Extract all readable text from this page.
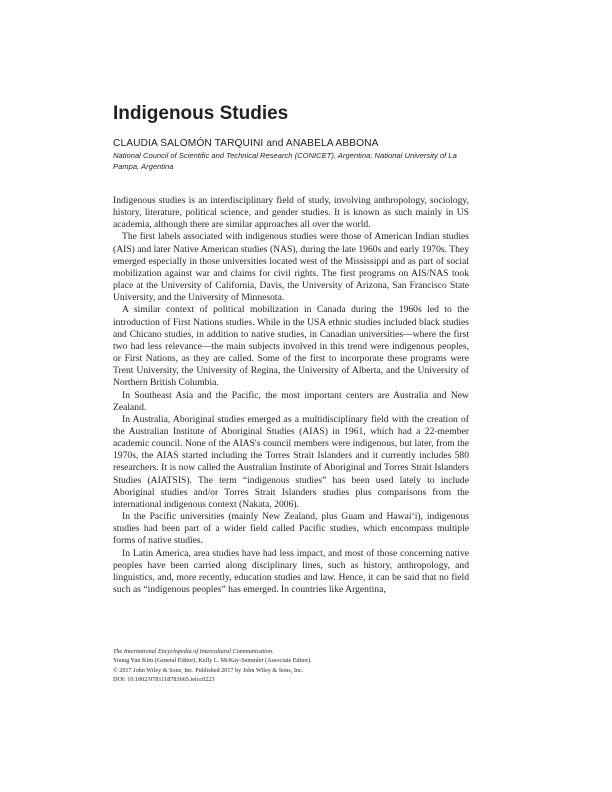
Indigenous Studies

CLAUDIA SALOMÓN TARQUINI and ANABELA ABBONA

National Council of Scientific and Technical Research (CONICET), Argentina; National University of La Pampa, Argentina

Indigenous studies is an interdisciplinary field of study, involving anthropology, sociology, history, literature, political science, and gender studies. It is known as such mainly in US academia, although there are similar approaches all over the world.

The first labels associated with indigenous studies were those of American Indian studies (AIS) and later Native American studies (NAS), during the late 1960s and early 1970s. They emerged especially in those universities located west of the Mississippi and as part of social mobilization against war and claims for civil rights. The first programs on AIS/NAS took place at the University of California, Davis, the University of Arizona, San Francisco State University, and the University of Minnesota.

A similar context of political mobilization in Canada during the 1960s led to the introduction of First Nations studies. While in the USA ethnic studies included black studies and Chicano studies, in addition to native studies, in Canadian universities—where the first two had less relevance—the main subjects involved in this trend were indigenous peoples, or First Nations, as they are called. Some of the first to incorporate these programs were Trent University, the University of Regina, the University of Alberta, and the University of Northern British Columbia.

In Southeast Asia and the Pacific, the most important centers are Australia and New Zealand.

In Australia, Aboriginal studies emerged as a multidisciplinary field with the creation of the Australian Institute of Aboriginal Studies (AIAS) in 1961, which had a 22-member academic council. None of the AIAS's council members were indigenous, but later, from the 1970s, the AIAS started including the Torres Strait Islanders and it currently includes 580 researchers. It is now called the Australian Institute of Aboriginal and Torres Strait Islanders Studies (AIATSIS). The term “indigenous studies” has been used lately to include Aboriginal studies and/or Torres Strait Islanders studies plus comparisons from the international indigenous context (Nakata, 2006).

In the Pacific universities (mainly New Zealand, plus Guam and Hawai‘i), indigenous studies had been part of a wider field called Pacific studies, which encompass multiple forms of native studies.

In Latin America, area studies have had less impact, and most of those concerning native peoples have been carried along disciplinary lines, such as history, anthropology, and linguistics, and, more recently, education studies and law. Hence, it can be said that no field such as “indigenous peoples” has emerged. In countries like Argentina,

The International Encyclopedia of Intercultural Communication.
Young Yun Kim (General Editor), Kelly L. McKay-Semmler (Associate Editor).
© 2017 John Wiley & Sons, Inc. Published 2017 by John Wiley & Sons, Inc.
DOI: 10.1002/9781118783665.ieicc0223
